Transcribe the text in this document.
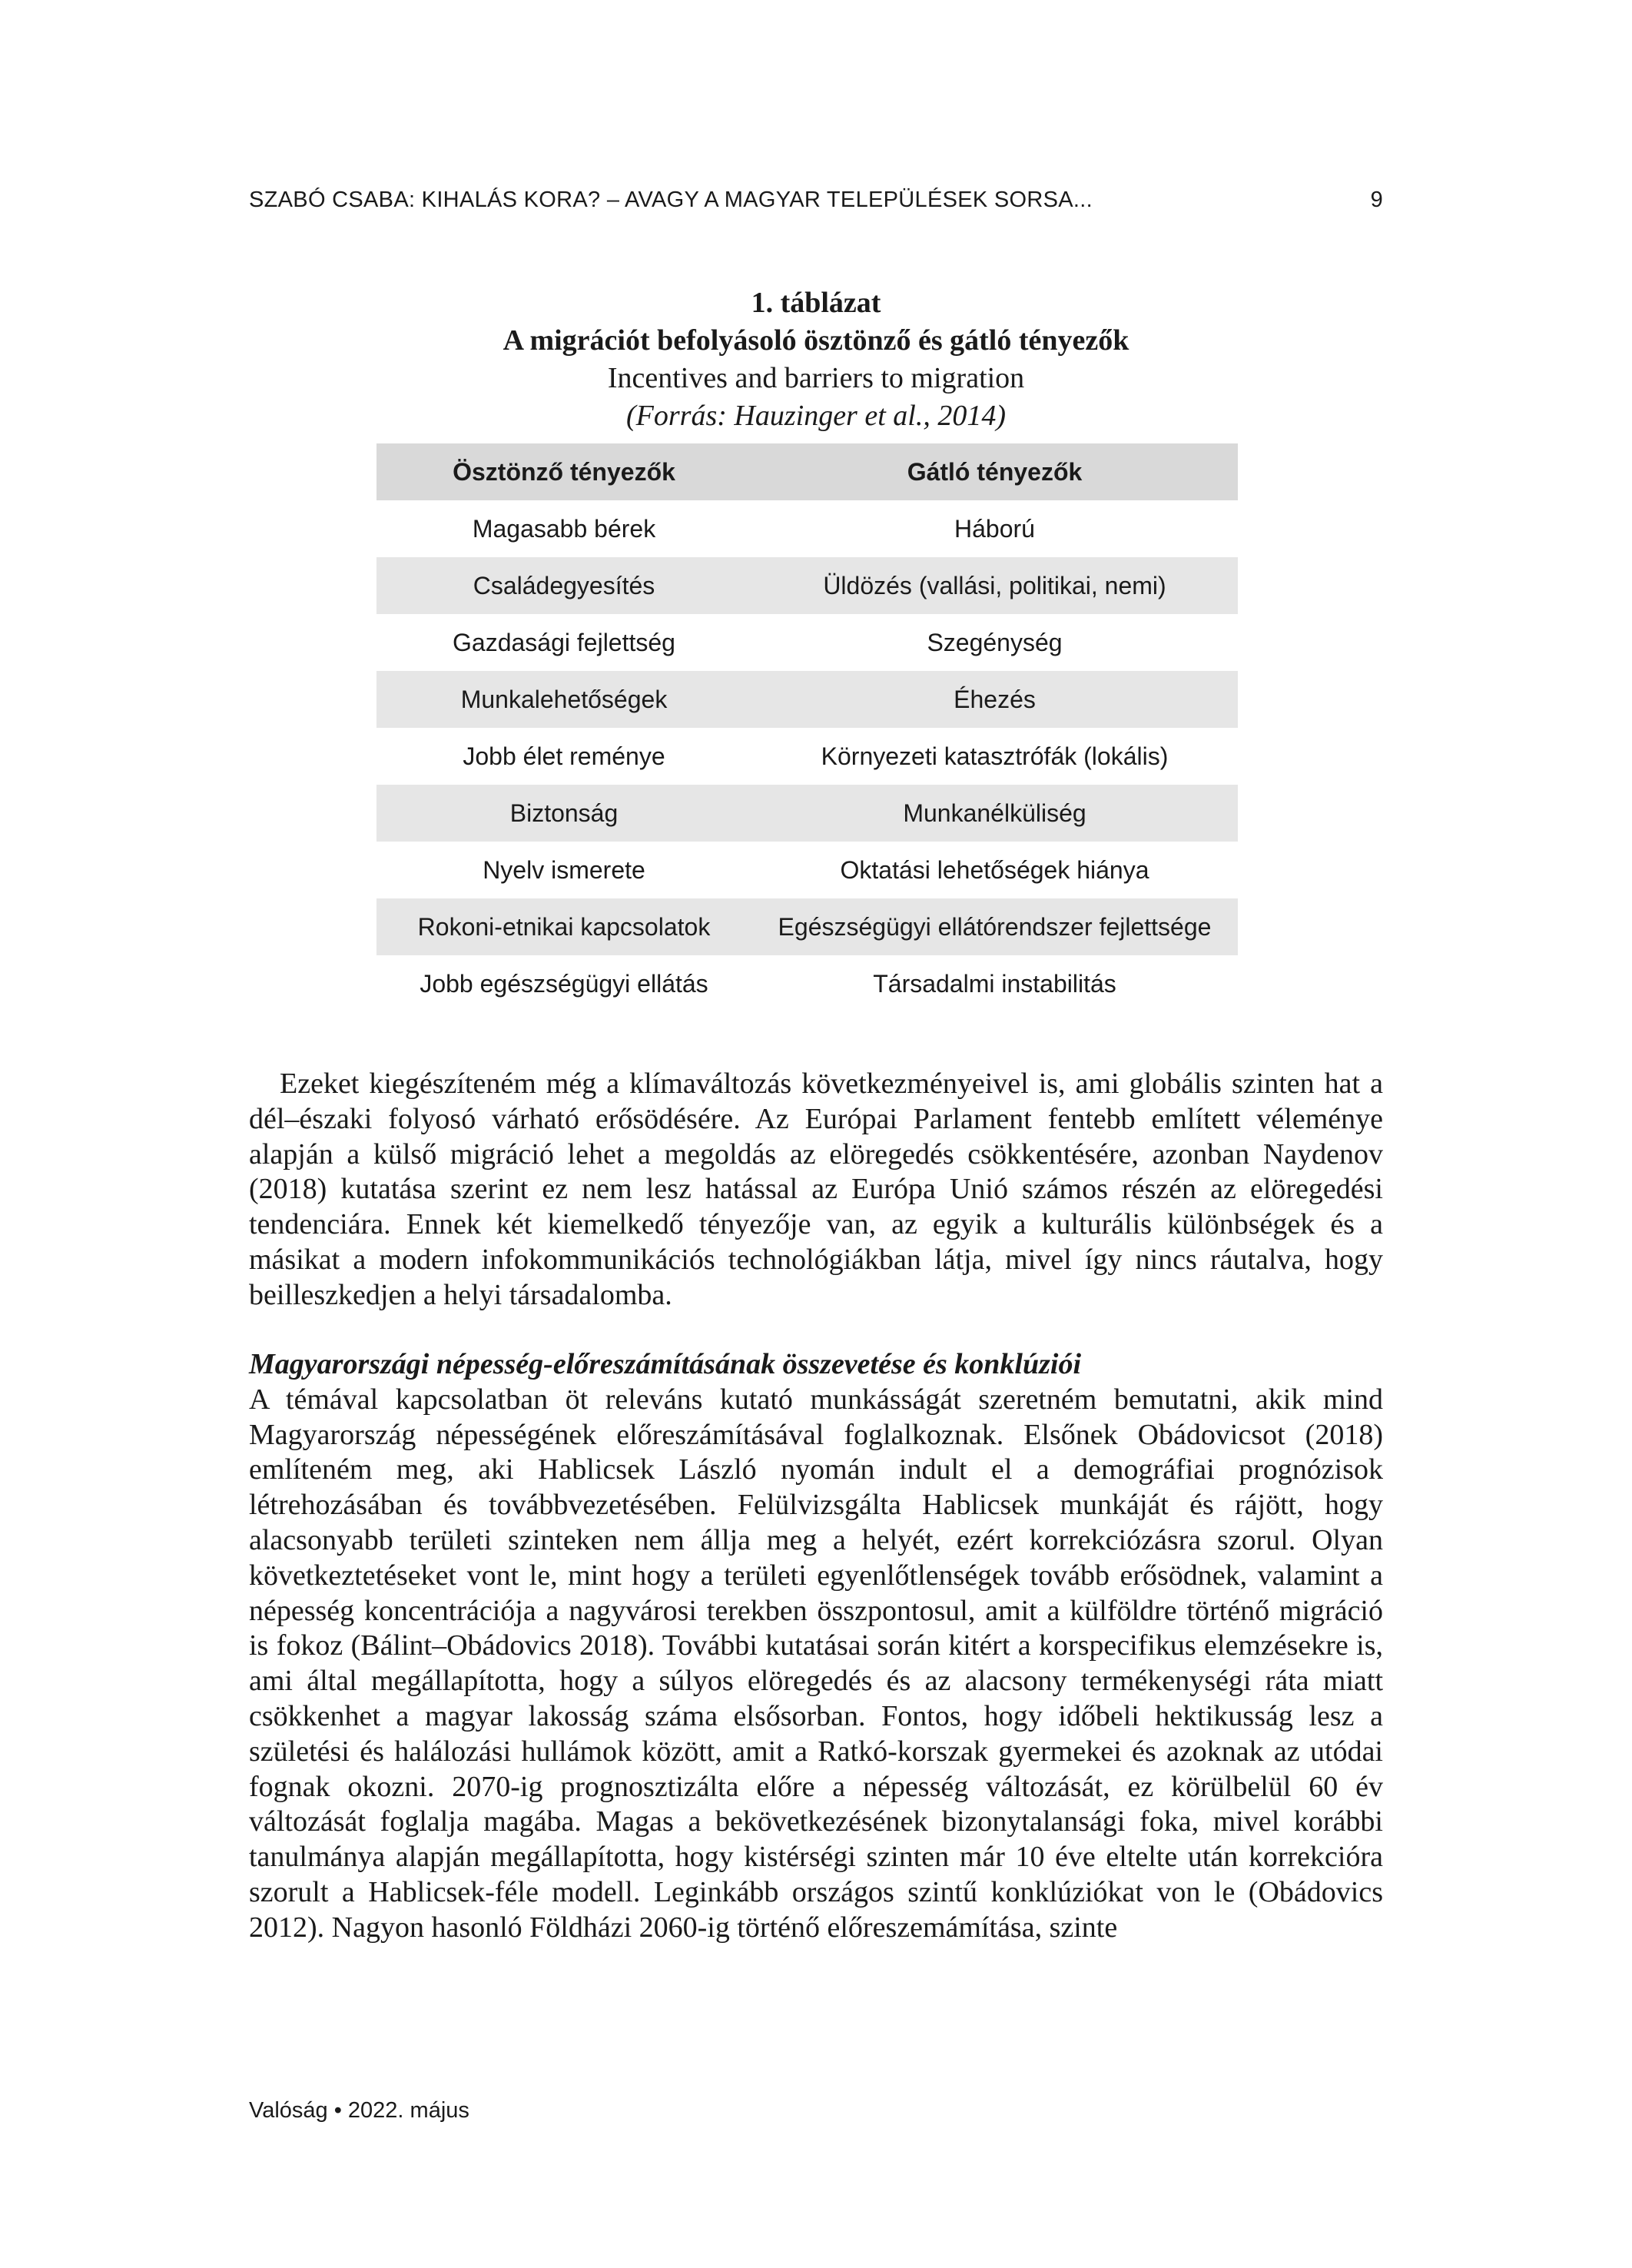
SZABÓ CSABA: KIHALÁS KORA? – AVAGY A MAGYAR TELEPÜLÉSEK SORSA...	9
1. táblázat
A migrációt befolyásoló ösztönző és gátló tényezők
Incentives and barriers to migration
(Forrás: Hauzinger et al., 2014)
Ösztönző tényezők	Gátló tényezők
Magasabb bérek	Háború
Családegyesítés	Üldözés (vallási, politikai, nemi)
Gazdasági fejlettség	Szegénység
Munkalehetőségek	Éhezés
Jobb élet reménye	Környezeti katasztrófák (lokális)
Biztonság	Munkanélküliség
Nyelv ismerete	Oktatási lehetőségek hiánya
Rokoni-etnikai kapcsolatok	Egészségügyi ellátórendszer fejlettsége
Jobb egészségügyi ellátás	Társadalmi instabilitás

Ezeket kiegészíteném még a klímaváltozás következményeivel is, ami globális szinten hat a dél–északi folyosó várható erősödésére. Az Európai Parlament fentebb említett véleménye alapján a külső migráció lehet a megoldás az elöregedés csökkentésére, azonban Naydenov (2018) kutatása szerint ez nem lesz hatással az Európa Unió számos részén az elöregedési tendenciára. Ennek két kiemelkedő tényezője van, az egyik a kulturális különbségek és a másikat a modern infokommunikációs technológiákban látja, mivel így nincs ráutalva, hogy beilleszkedjen a helyi társadalomba.

Magyarországi népesség-előreszámításának összevetése és konklúziói

A témával kapcsolatban öt releváns kutató munkásságát szeretném bemutatni, akik mind Magyarország népességének előreszámításával foglalkoznak. Elsőnek Obádovicsot (2018) említeném meg, aki Hablicsek László nyomán indult el a demográfiai prognózisok létrehozásában és továbbvezetésében. Felülvizsgálta Hablicsek munkáját és rájött, hogy alacsonyabb területi szinteken nem állja meg a helyét, ezért korrekciózásra szorul. Olyan következtetéseket vont le, mint hogy a területi egyenlőtlenségek tovább erősödnek, valamint a népesség koncentrációja a nagyvárosi terekben összpontosul, amit a külföldre történő migráció is fokoz (Bálint–Obádovics 2018). További kutatásai során kitért a korspecifikus elemzésekre is, ami által megállapította, hogy a súlyos elöregedés és az alacsony termékenységi ráta miatt csökkenhet a magyar lakosság száma elsősorban. Fontos, hogy időbeli hektikusság lesz a születési és halálozási hullámok között, amit a Ratkó-korszak gyermekei és azoknak az utódai fognak okozni. 2070-ig prognosztizálta előre a népesség változását, ez körülbelül 60 év változását foglalja magába. Magas a bekövetkezésének bizonytalansági foka, mivel korábbi tanulmánya alapján megállapította, hogy kistérségi szinten már 10 éve eltelte után korrekcióra szorult a Hablicsek-féle modell. Leginkább országos szintű konklúziókat von le (Obádovics 2012). Nagyon hasonló Földházi 2060-ig történő előreszemámítása, szinte

Valóság • 2022. május
